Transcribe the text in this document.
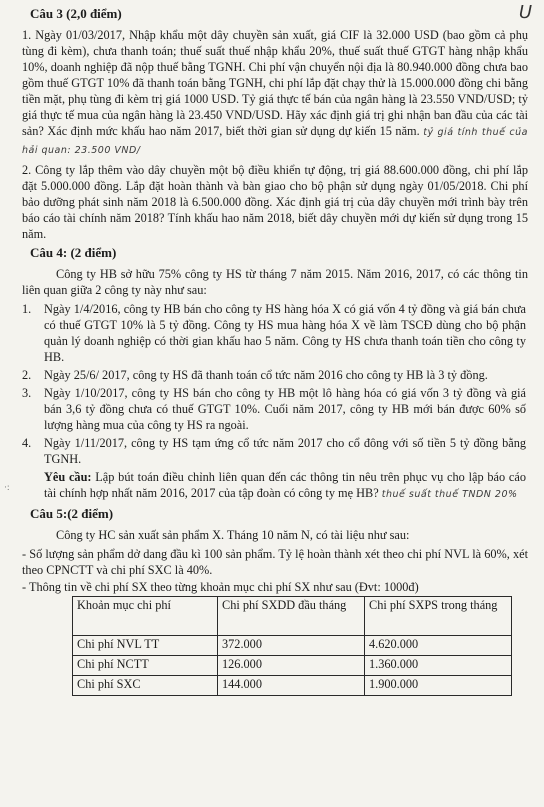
U
·:
Câu 3 (2,0 điểm)

1. Ngày 01/03/2017, Nhập khẩu một dây chuyền sản xuất, giá CIF là 32.000 USD (bao gồm cả phụ tùng đi kèm), chưa thanh toán; thuế suất thuế nhập khẩu 20%, thuế suất thuế GTGT hàng nhập khẩu 10%, doanh nghiệp đã nộp thuế bằng TGNH. Chi phí vận chuyển nội địa là 80.940.000 đồng chưa bao gồm thuế GTGT 10% đã thanh toán bằng TGNH, chi phí lắp đặt chạy thử là 15.000.000 đồng chi bằng tiền mặt, phụ tùng đi kèm trị giá 1000 USD. Tỷ giá thực tế bán của ngân hàng là 23.550 VND/USD; tỷ giá thực tế mua của ngân hàng là 23.450 VND/USD. Hãy xác định giá trị ghi nhận ban đầu của các tài sản? Xác định mức khấu hao năm 2017, biết thời gian sử dụng dự kiến 15 năm. tỷ giá tính thuế của hải quan: 23.500 VND/

2. Công ty lắp thêm vào dây chuyền một bộ điều khiển tự động, trị giá 88.600.000 đồng, chi phí lắp đặt 5.000.000 đồng. Lắp đặt hoàn thành và bàn giao cho bộ phận sử dụng ngày 01/05/2018. Chi phí bảo dưỡng phát sinh năm 2018 là 6.500.000 đồng. Xác định giá trị của dây chuyền mới trình bày trên báo cáo tài chính năm 2018? Tính khấu hao năm 2018, biết dây chuyền mới dự kiến sử dụng trong 15 năm.

Câu 4: (2 điểm)

Công ty HB sở hữu 75% công ty HS từ tháng 7 năm 2015. Năm 2016, 2017, có các thông tin liên quan giữa 2 công ty này như sau:

1.	Ngày 1/4/2016, công ty HB bán cho công ty HS hàng hóa X có giá vốn 4 tỷ đồng và giá bán chưa có thuế GTGT 10% là 5 tỷ đồng. Công ty HS mua hàng hóa X về làm TSCĐ dùng cho bộ phận quản lý doanh nghiệp có thời gian khấu hao 5 năm. Công ty HS chưa thanh toán tiền cho công ty HB.
2.	Ngày 25/6/ 2017, công ty HS đã thanh toán cổ tức năm 2016 cho công ty HB là 3 tỷ đồng.
3.	Ngày 1/10/2017, công ty HS bán cho công ty HB một lô hàng hóa có giá vốn 3 tỷ đồng và giá bán 3,6 tỷ đồng chưa có thuế GTGT 10%. Cuối năm 2017, công ty HB mới bán được 60% số lượng hàng mua của công ty HS ra ngoài.
4.	Ngày 1/11/2017, công ty HS tạm ứng cổ tức năm 2017 cho cổ đông với số tiền 5 tỷ đồng bằng TGNH.

Yêu cầu: Lập bút toán điều chỉnh liên quan đến các thông tin nêu trên phục vụ cho lập báo cáo tài chính hợp nhất năm 2016, 2017 của tập đoàn có công ty mẹ HB? thuế suất thuế TNDN 20%

Câu 5:(2 điểm)

Công ty HC sản xuất sản phẩm X. Tháng 10 năm N, có tài liệu như sau:

- Số lượng sản phẩm dở dang đầu kì 100 sản phẩm. Tỷ lệ hoàn thành xét theo chi phí NVL là 60%, xét theo CPNCTT và chi phí SXC là 40%.

- Thông tin về chi phí SX theo từng khoản mục chi phí SX như sau (Đvt: 1000đ)

Khoản mục chi phí	Chi phí SXDD đầu tháng	Chi phí SXPS trong tháng
Chi phí NVL TT	372.000	4.620.000
Chi phí NCTT	126.000	1.360.000
Chi phí SXC	144.000	1.900.000
